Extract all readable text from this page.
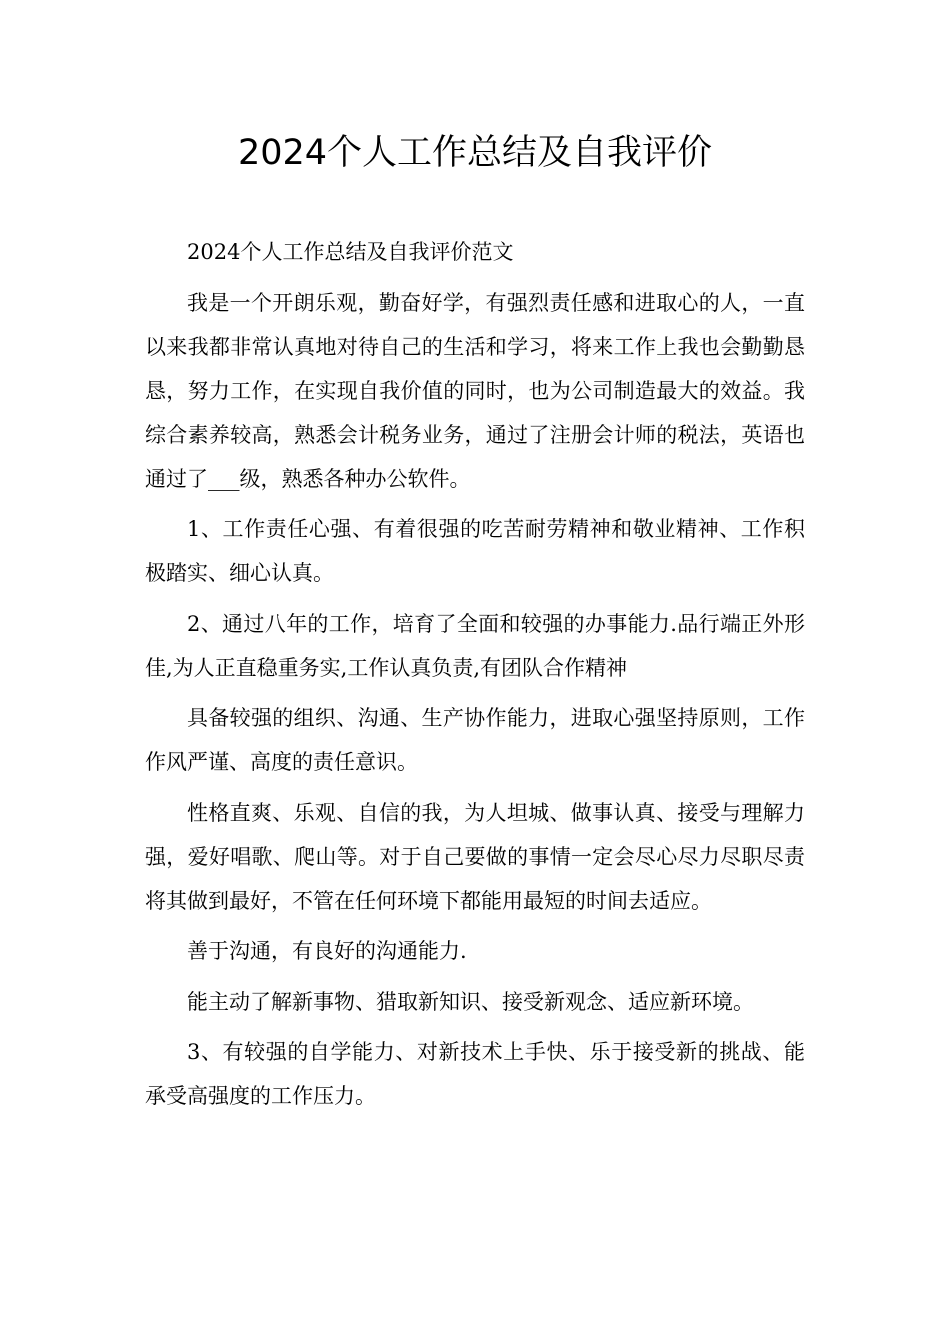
2024个人工作总结及自我评价

2024个人工作总结及自我评价范文

我是一个开朗乐观，勤奋好学，有强烈责任感和进取心的人，一直以来我都非常认真地对待自己的生活和学习，将来工作上我也会勤勤恳恳，努力工作，在实现自我价值的同时，也为公司制造最大的效益。我综合素养较高，熟悉会计税务业务，通过了注册会计师的税法，英语也通过了___级，熟悉各种办公软件。

1、工作责任心强、有着很强的吃苦耐劳精神和敬业精神、工作积极踏实、细心认真。

2、通过八年的工作，培育了全面和较强的办事能力.品行端正外形佳,为人正直稳重务实,工作认真负责,有团队合作精神

具备较强的组织、沟通、生产协作能力，进取心强坚持原则，工作作风严谨、高度的责任意识。

性格直爽、乐观、自信的我，为人坦城、做事认真、接受与理解力强，爱好唱歌、爬山等。对于自己要做的事情一定会尽心尽力尽职尽责将其做到最好，不管在任何环境下都能用最短的时间去适应。

善于沟通，有良好的沟通能力.

能主动了解新事物、猎取新知识、接受新观念、适应新环境。

3、有较强的自学能力、对新技术上手快、乐于接受新的挑战、能承受高强度的工作压力。
